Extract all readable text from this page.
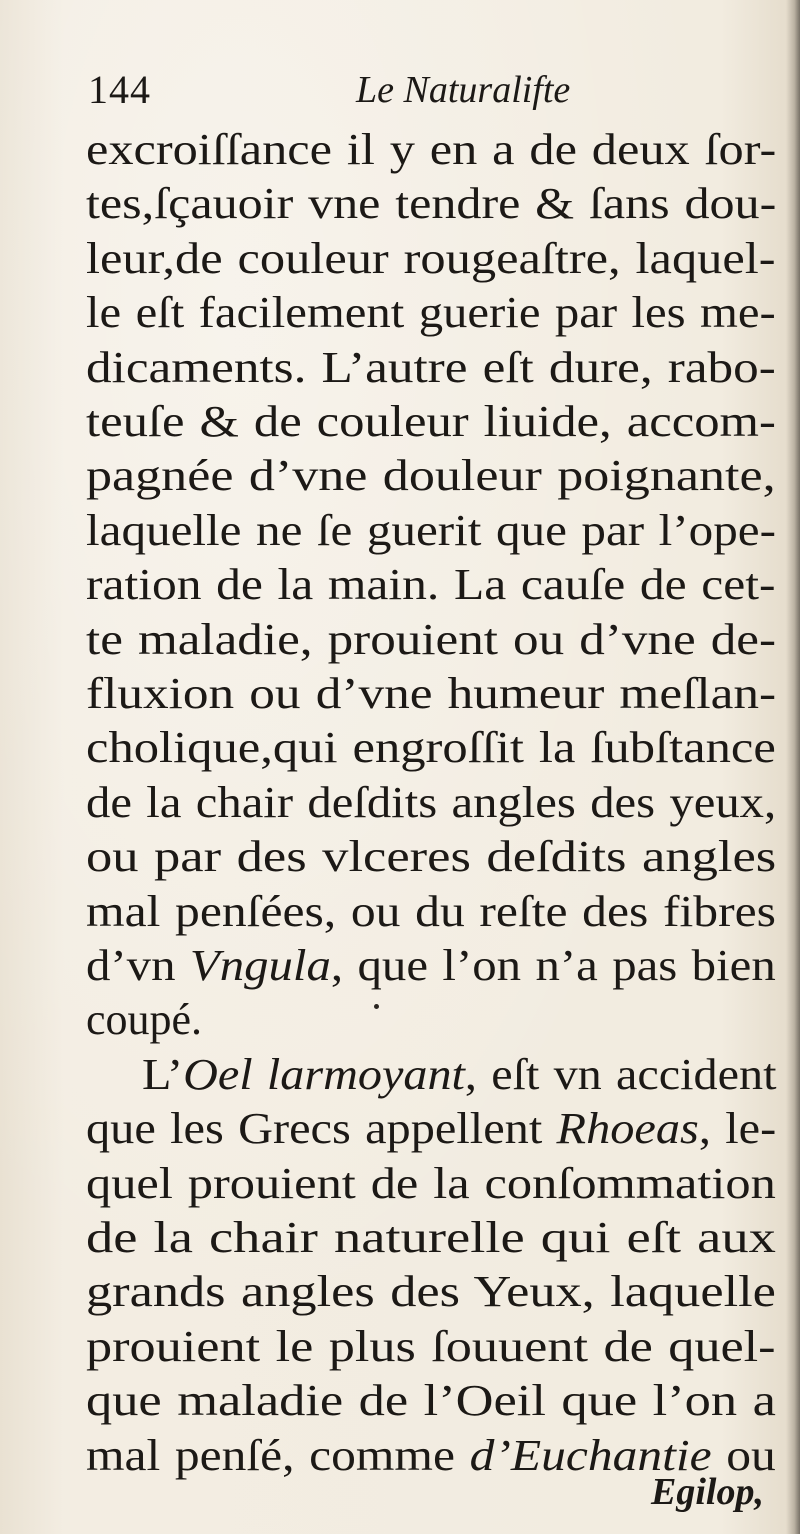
144	Le Naturalifte
excroiſſance il y en a de deux ſor-
tes,ſçauoir vne tendre & ſans dou-
leur,de couleur rougeaſtre, laquel-
le eſt facilement guerie par les me-
dicaments. L’autre eſt dure, rabo-
teuſe & de couleur liuide, accom-
pagnée d’vne douleur poignante,
laquelle ne ſe guerit que par l’ope-
ration de la main. La cauſe de cet-
te maladie, prouient ou d’vne de-
fluxion ou d’vne humeur meſlan-
cholique,qui engroſſit la ſubſtance
de la chair deſdits angles des yeux,
ou par des vlceres deſdits angles
mal penſées, ou du reſte des fibres
d’vn Vngula, que l’on n’a pas bien
coupé.
L’Oel larmoyant, eſt vn accident
que les Grecs appellent Rhoeas, le-
quel prouient de la conſommation
de la chair naturelle qui eſt aux
grands angles des Yeux, laquelle
prouient le plus ſouuent de quel-
que maladie de l’Oeil que l’on a
mal penſé, comme d’Euchantie ou
Egilop,
